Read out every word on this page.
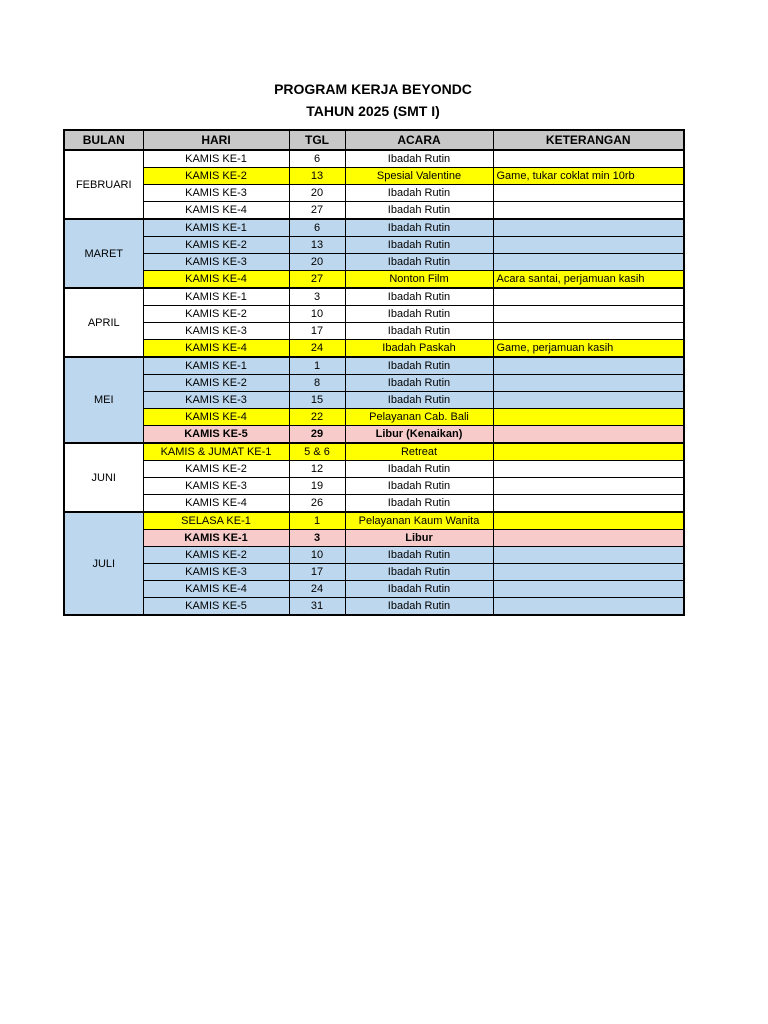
PROGRAM KERJA BEYONDC
TAHUN 2025 (SMT I)
BULAN	HARI	TGL	ACARA	KETERANGAN
FEBRUARI	KAMIS KE-1	6	Ibadah Rutin	
	KAMIS KE-2	13	Spesial Valentine	Game, tukar coklat min 10rb
	KAMIS KE-3	20	Ibadah Rutin	
	KAMIS KE-4	27	Ibadah Rutin	
MARET	KAMIS KE-1	6	Ibadah Rutin	
	KAMIS KE-2	13	Ibadah Rutin	
	KAMIS KE-3	20	Ibadah Rutin	
	KAMIS KE-4	27	Nonton Film	Acara santai, perjamuan kasih
APRIL	KAMIS KE-1	3	Ibadah Rutin	
	KAMIS KE-2	10	Ibadah Rutin	
	KAMIS KE-3	17	Ibadah Rutin	
	KAMIS KE-4	24	Ibadah Paskah	Game, perjamuan kasih
MEI	KAMIS KE-1	1	Ibadah Rutin	
	KAMIS KE-2	8	Ibadah Rutin	
	KAMIS KE-3	15	Ibadah Rutin	
	KAMIS KE-4	22	Pelayanan Cab. Bali	
	KAMIS KE-5	29	Libur (Kenaikan)	
JUNI	KAMIS & JUMAT KE-1	5 & 6	Retreat	
	KAMIS KE-2	12	Ibadah Rutin	
	KAMIS KE-3	19	Ibadah Rutin	
	KAMIS KE-4	26	Ibadah Rutin	
JULI	SELASA KE-1	1	Pelayanan Kaum Wanita	
	KAMIS KE-1	3	Libur	
	KAMIS KE-2	10	Ibadah Rutin	
	KAMIS KE-3	17	Ibadah Rutin	
	KAMIS KE-4	24	Ibadah Rutin	
	KAMIS KE-5	31	Ibadah Rutin	
